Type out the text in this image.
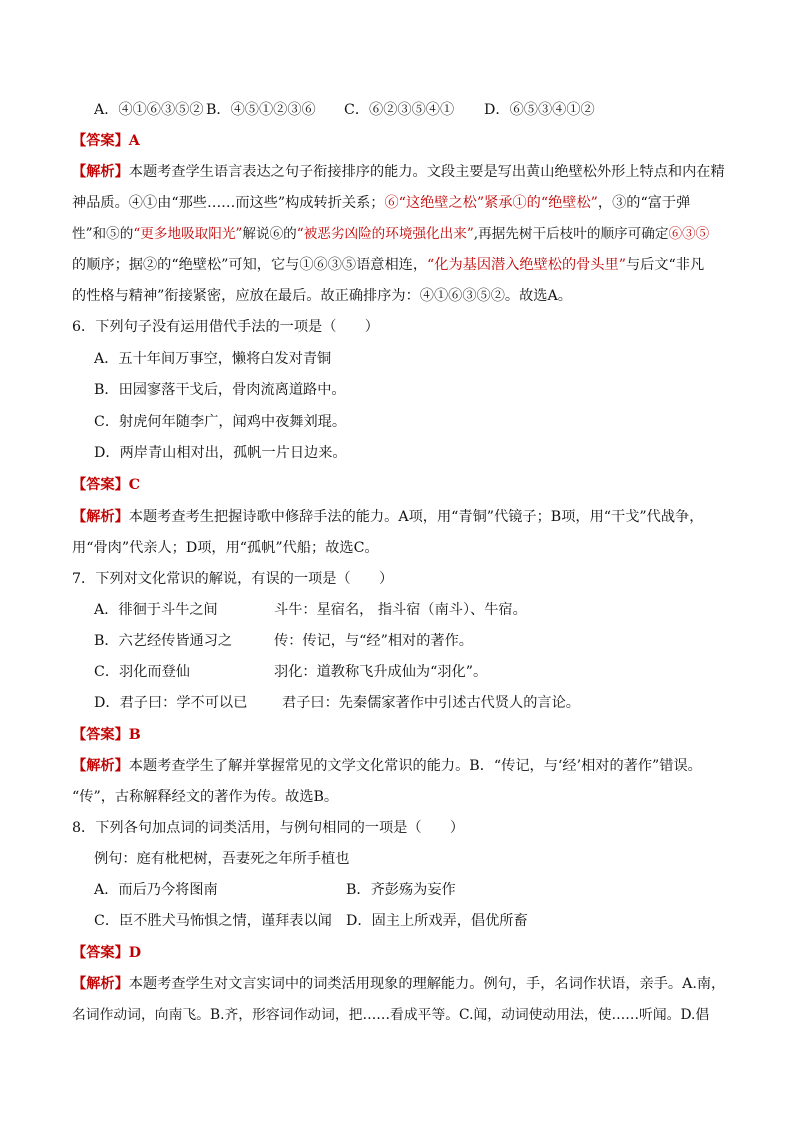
A．④①⑥③⑤② B．④⑤①②③⑥ C．⑥②③⑤④① D．⑥⑤③④①②
【答案】A
【解析】本题考查学生语言表达之句子衔接排序的能力。文段主要是写出黄山绝壁松外形上特点和内在精
神品质。④①由“那些……而这些”构成转折关系；⑥“这绝壁之松”紧承①的“绝壁松”，③的“富于弹
性”和⑤的“更多地吸取阳光”解说⑥的“被恶劣凶险的环境强化出来”,再据先树干后枝叶的顺序可确定⑥③⑤
的顺序；据②的“绝壁松”可知，它与①⑥③⑤语意相连，“化为基因潜入绝壁松的骨头里”与后文“非凡
的性格与精神”衔接紧密，应放在最后。故正确排序为：④①⑥③⑤②。故选A。
6．下列句子没有运用借代手法的一项是（　　）
A．五十年间万事空，懒将白发对青铜
B．田园寥落干戈后，骨肉流离道路中。
C．射虎何年随李广，闻鸡中夜舞刘琨。
D．两岸青山相对出，孤帆一片日边来。
【答案】C
【解析】本题考查考生把握诗歌中修辞手法的能力。A项，用“青铜”代镜子；B项，用“干戈”代战争，
用“骨肉”代亲人；D项，用“孤帆”代船；故选C。
7．下列对文化常识的解说，有误的一项是（　　）
A．徘徊于斗牛之间	斗牛：星宿名， 指斗宿（南斗）、牛宿。
B．六艺经传皆通习之	传：传记，与“经”相对的著作。
C．羽化而登仙	羽化：道教称飞升成仙为“羽化”。
D．君子曰：学不可以已 君子曰：先秦儒家著作中引述古代贤人的言论。
【答案】B
【解析】本题考查学生了解并掌握常见的文学文化常识的能力。B．“传记，与‘经’相对的著作”错误。
“传”，古称解释经文的著作为传。故选B。
8．下列各句加点词的词类活用，与例句相同的一项是（　　）
例句：庭有枇杷树，吾妻死之年所手植也
A．而后乃今将图南	B．齐彭殇为妄作
C．臣不胜犬马怖惧之情，谨拜表以闻 D．固主上所戏弄，倡优所畜
【答案】D
【解析】本题考查学生对文言实词中的词类活用现象的理解能力。例句，手，名词作状语，亲手。A.南，
名词作动词，向南飞。B.齐，形容词作动词，把……看成平等。C.闻，动词使动用法，使……听闻。D.倡
